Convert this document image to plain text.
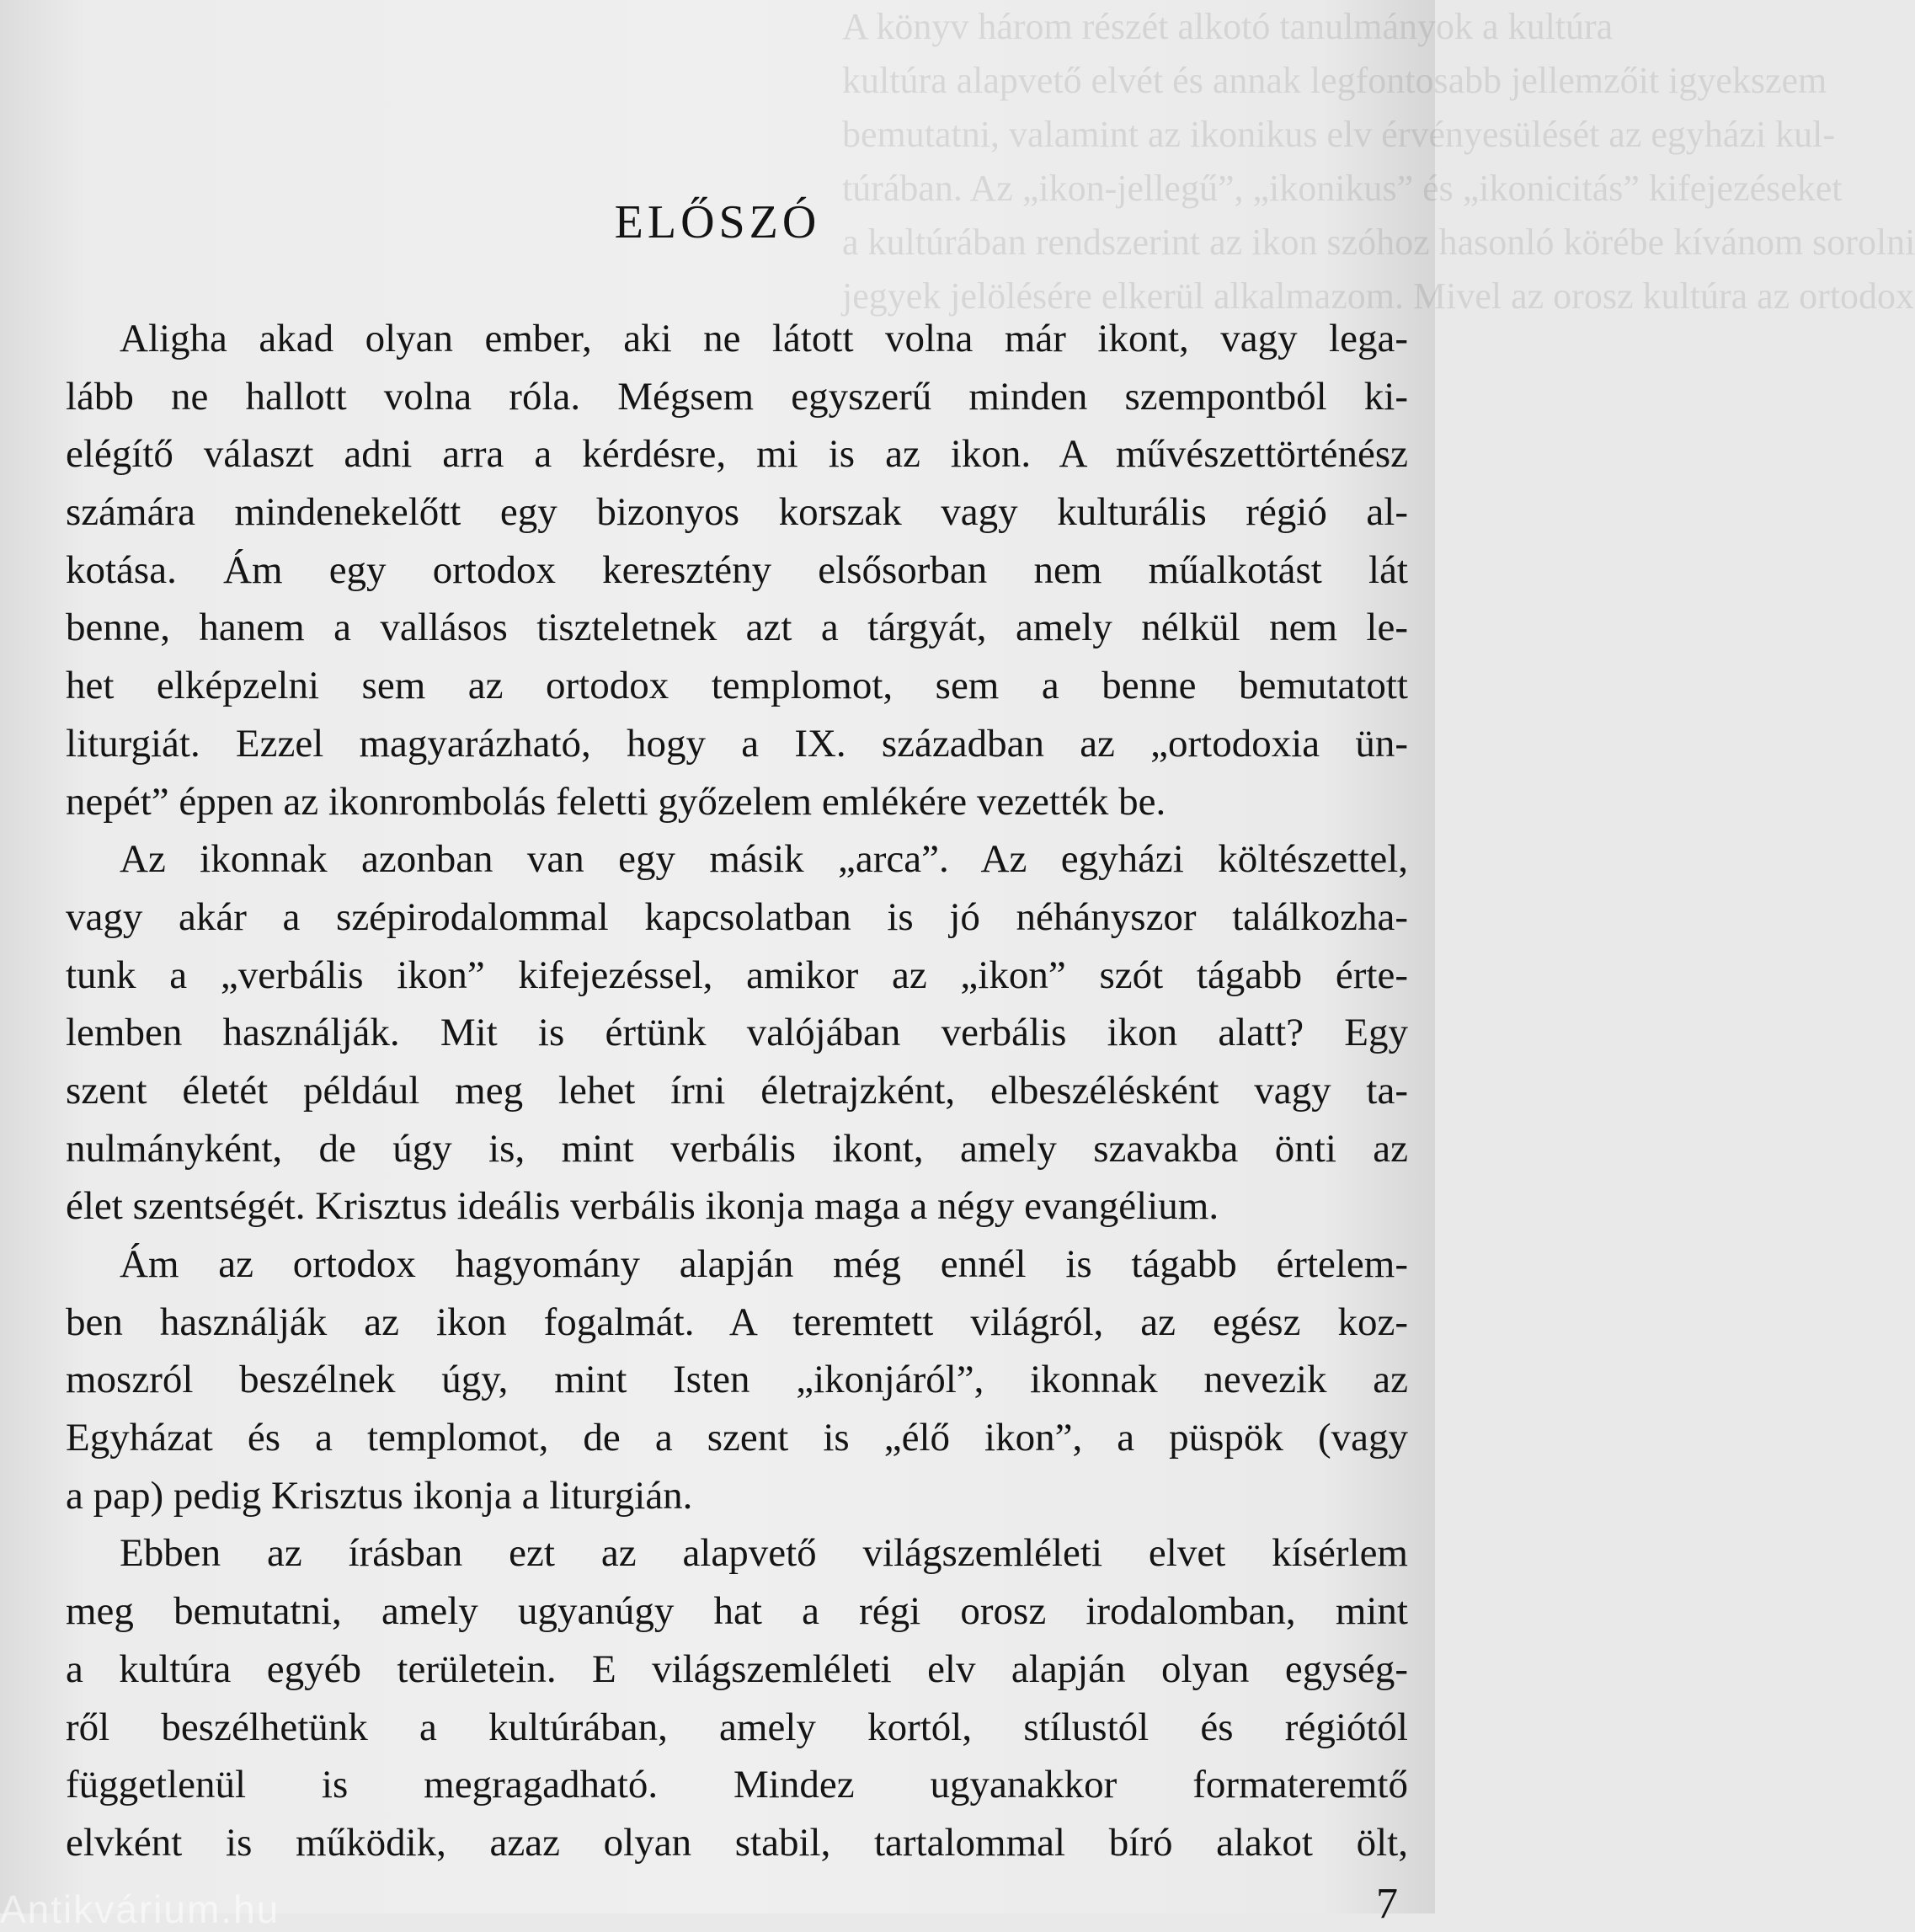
A könyv három részét alkotó tanulmányok a kultúra
kultúra alapvető elvét és annak legfontosabb jellemzőit igyekszem
bemutatni, valamint az ikonikus elv érvényesülését az egyházi kul-
túrában. Az „ikon-jellegű”, „ikonikus” és „ikonicitás” kifejezéseket
a kultúrában rendszerint az ikon szóhoz hasonló körébe kívánom sorolni
jegyek jelölésére elkerül alkalmazom. Mivel az orosz kultúra az ortodox
ELŐSZÓ
Aligha akad olyan ember, aki ne látott volna már ikont, vagy lega-
lább ne hallott volna róla. Mégsem egyszerű minden szempontból ki-
elégítő választ adni arra a kérdésre, mi is az ikon. A művészettörténész
számára mindenekelőtt egy bizonyos korszak vagy kulturális régió al-
kotása. Ám egy ortodox keresztény elsősorban nem műalkotást lát
benne, hanem a vallásos tiszteletnek azt a tárgyát, amely nélkül nem le-
het elképzelni sem az ortodox templomot, sem a benne bemutatott
liturgiát. Ezzel magyarázható, hogy a IX. században az „ortodoxia ün-
nepét” éppen az ikonrombolás feletti győzelem emlékére vezették be.
Az ikonnak azonban van egy másik „arca”. Az egyházi költészettel,
vagy akár a szépirodalommal kapcsolatban is jó néhányszor találkozha-
tunk a „verbális ikon” kifejezéssel, amikor az „ikon” szót tágabb érte-
lemben használják. Mit is értünk valójában verbális ikon alatt? Egy
szent életét például meg lehet írni életrajzként, elbeszélésként vagy ta-
nulmányként, de úgy is, mint verbális ikont, amely szavakba önti az
élet szentségét. Krisztus ideális verbális ikonja maga a négy evangélium.
Ám az ortodox hagyomány alapján még ennél is tágabb értelem-
ben használják az ikon fogalmát. A teremtett világról, az egész koz-
moszról beszélnek úgy, mint Isten „ikonjáról”, ikonnak nevezik az
Egyházat és a templomot, de a szent is „élő ikon”, a püspök (vagy
a pap) pedig Krisztus ikonja a liturgián.
Ebben az írásban ezt az alapvető világszemléleti elvet kísérlem
meg bemutatni, amely ugyanúgy hat a régi orosz irodalomban, mint
a kultúra egyéb területein. E világszemléleti elv alapján olyan egység-
ről beszélhetünk a kultúrában, amely kortól, stílustól és régiótól
függetlenül is megragadható. Mindez ugyanakkor formateremtő
elvként is működik, azaz olyan stabil, tartalommal bíró alakot ölt,
Antikvárium.hu	7
